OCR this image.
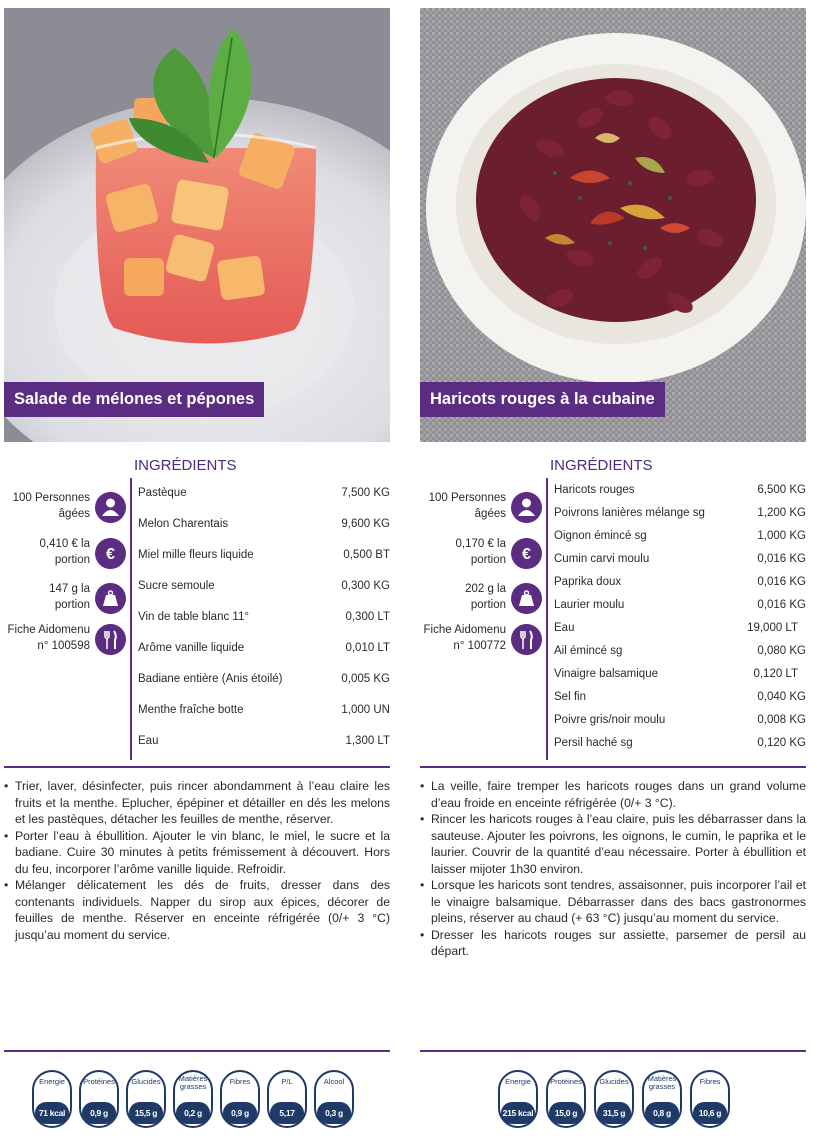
Salade de mélones et pépones
INGRÉDIENTS
Pastèque	7,500 KG
Melon Charentais	9,600 KG
Miel mille fleurs liquide	0,500 BT
Sucre semoule	0,300 KG
Vin de table blanc 11°	0,300 LT
Arôme vanille liquide	0,010 LT
Badiane entière (Anis étoilé)	0,005 KG
Menthe fraîche botte	1,000 UN
Eau	1,300 LT
100 Personnes
âgées
0,410 € la
portion €
147 g la
portion
Fiche Aidomenu
n° 100598
• Trier, laver, désinfecter, puis rincer abondamment à l’eau claire les fruits et la menthe. Eplucher, épépiner et détailler en dés les melons et les pastèques, détacher les feuilles de menthe, réserver.
• Porter l’eau à ébullition. Ajouter le vin blanc, le miel, le sucre et la badiane. Cuire 30 minutes à petits frémissement à découvert. Hors du feu, incorporer l’arôme vanille liquide. Refroidir.
• Mélanger délicatement les dés de fruits, dresser dans des contenants individuels. Napper du sirop aux épices, décorer de feuilles de menthe. Réserver en enceinte réfrigérée (0/+ 3 °C) jusqu’au moment du service.
Energie
71 kcal
Protéines
0,9 g
Glucides
15,5 g
Matières grasses
0,2 g
Fibres
0,9 g
P/L
5,17
Alcool
0,3 g
Haricots rouges à la cubaine
INGRÉDIENTS
Haricots rouges	6,500 KG
Poivrons lanières mélange sg	1,200 KG
Oignon émincé sg	1,000 KG
Cumin carvi moulu	0,016 KG
Paprika doux	0,016 KG
Laurier moulu	0,016 KG
Eau	19,000 LT
Ail émincé sg	0,080 KG
Vinaigre balsamique	0,120 LT
Sel fin	0,040 KG
Poivre gris/noir moulu	0,008 KG
Persil haché sg	0,120 KG
100 Personnes
âgées
0,170 € la
portion €
202 g la
portion
Fiche Aidomenu
n° 100772
• La veille, faire tremper les haricots rouges dans un grand volume d’eau froide en enceinte réfrigérée (0/+ 3 °C).
• Rincer les haricots rouges à l’eau claire, puis les débarrasser dans la sauteuse. Ajouter les poivrons, les oignons, le cumin, le paprika et le laurier. Couvrir de la quantité d’eau nécessaire. Porter à ébullition et laisser mijoter 1h30 environ.
• Lorsque les haricots sont tendres, assaisonner, puis incorporer l’ail et le vinaigre balsamique. Débarrasser dans des bacs gastronormes pleins, réserver au chaud (+ 63 °C) jusqu’au moment du service.
• Dresser les haricots rouges sur assiette, parsemer de persil au départ.
Energie
215 kcal
Protéines
15,0 g
Glucides
31,5 g
Matières grasses
0,8 g
Fibres
10,6 g
